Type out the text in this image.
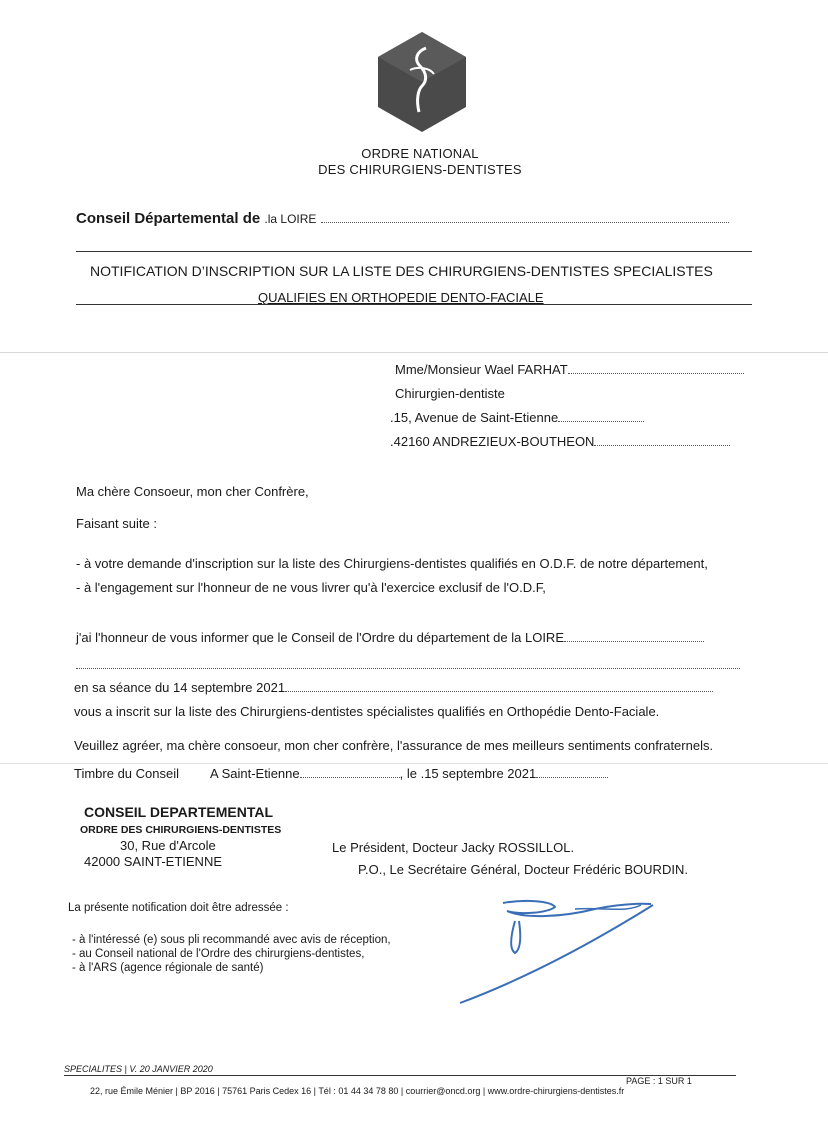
ORDRE NATIONAL
DES CHIRURGIENS-DENTISTES
Conseil Départemental de .la LOIRE
NOTIFICATION D’INSCRIPTION SUR LA LISTE DES CHIRURGIENS-DENTISTES SPECIALISTES
QUALIFIES EN ORTHOPEDIE DENTO-FACIALE
Mme/Monsieur Wael FARHAT
Chirurgien-dentiste
.15, Avenue de Saint-Etienne
.42160 ANDREZIEUX-BOUTHEON
Ma chère Consoeur, mon cher Confrère,
Faisant suite :
- à votre demande d'inscription sur la liste des Chirurgiens-dentistes qualifiés en O.D.F. de notre département,
- à l'engagement sur l'honneur de ne vous livrer qu'à l'exercice exclusif de l'O.D.F,
j'ai l'honneur de vous informer que le Conseil de l'Ordre du département de la LOIRE
en sa séance du 14 septembre 2021
vous a inscrit sur la liste des Chirurgiens-dentistes spécialistes qualifiés en Orthopédie Dento-Faciale.
Veuillez agréer, ma chère consoeur, mon cher confrère, l'assurance de mes meilleurs sentiments confraternels.
Timbre du Conseil A Saint-Etienne	, le .15 septembre 2021
CONSEIL DEPARTEMENTAL
ORDRE DES CHIRURGIENS-DENTISTES
30, Rue d'Arcole
42000 SAINT-ETIENNE
Le Président, Docteur Jacky ROSSILLOL.
P.O., Le Secrétaire Général, Docteur Frédéric BOURDIN.
La présente notification doit être adressée :
- à l'intéressé (e) sous pli recommandé avec avis de réception,
- au Conseil national de l'Ordre des chirurgiens-dentistes,
- à l'ARS (agence régionale de santé)
SPECIALITES | V. 20 JANVIER 2020
PAGE : 1 SUR 1
22, rue Émile Ménier | BP 2016 | 75761 Paris Cedex 16 | Tél : 01 44 34 78 80 | courrier@oncd.org | www.ordre-chirurgiens-dentistes.fr
